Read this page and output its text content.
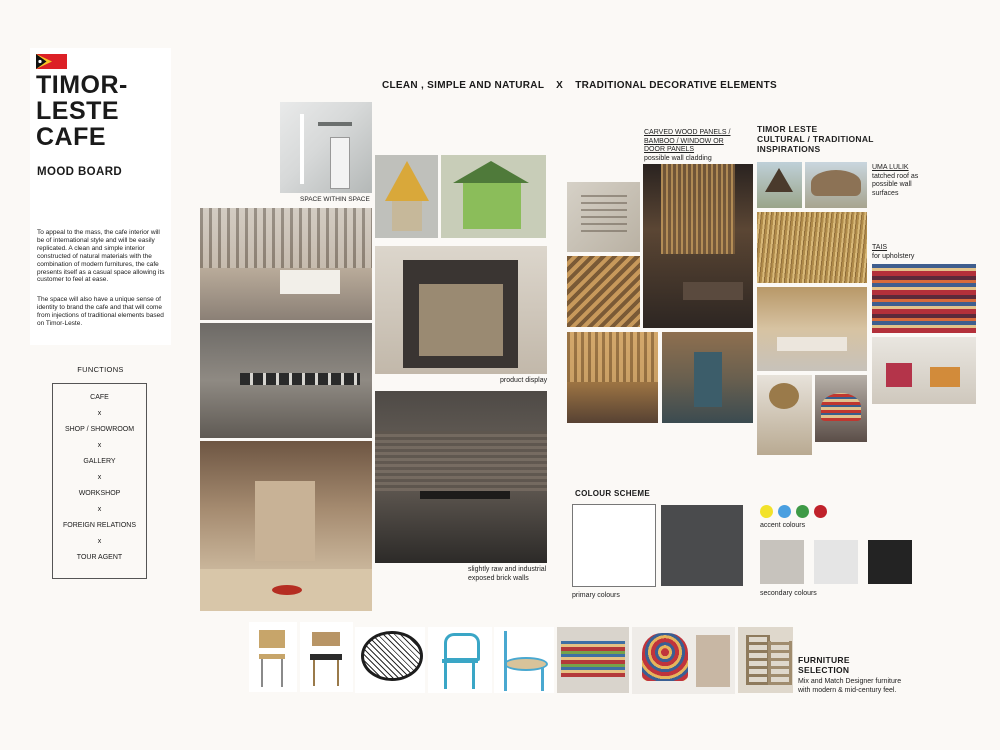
TIMOR-
LESTE
CAFE
MOOD BOARD
To appeal to the mass, the cafe interior will be of international style and will be easily replicated. A clean and simple interior constructed of natural materials with the combination of modern furnitures, the cafe presents itself as a casual space allowing its customer to feel at ease.
The space will also have a unique sense of identity to brand the cafe and that will come from injections of traditional elements based on Timor-Leste.
FUNCTIONS
CAFE
x
SHOP / SHOWROOM
x
GALLERY
x
WORKSHOP
x
FOREIGN RELATIONS
x
TOUR AGENT
CLEAN , SIMPLE AND NATURAL X TRADITIONAL DECORATIVE ELEMENTS
SPACE WITHIN SPACE
product display
slightly raw and industrial
exposed brick walls
CARVED WOOD PANELS /
BAMBOO / WINDOW OR
DOOR PANELS
possible wall cladding
TIMOR LESTE
CULTURAL / TRADITIONAL
INSPIRATIONS
UMA LULIK
tatched roof as
possible wall
surfaces
TAIS
for upholstery
COLOUR SCHEME
primary colours
accent colours
secondary colours
FURNITURE
SELECTION
Mix and Match Designer furniture
with modern & mid-century feel.
